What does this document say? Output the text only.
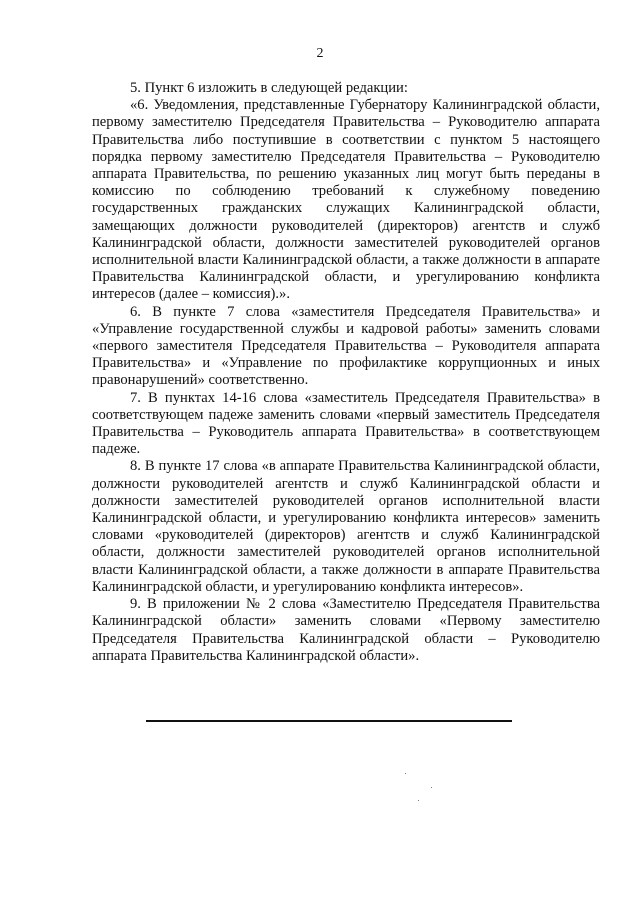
2

5. Пункт 6 изложить в следующей редакции:

«6. Уведомления, представленные Губернатору Калининградской области, первому заместителю Председателя Правительства – Руководителю аппарата Правительства либо поступившие в соответствии с пунктом 5 настоящего порядка первому заместителю Председателя Правительства – Руководителю аппарата Правительства, по решению указанных лиц могут быть переданы в комиссию по соблюдению требований к служебному поведению государственных гражданских служащих Калининградской области, замещающих должности руководителей (директоров) агентств и служб Калининградской области, должности заместителей руководителей органов исполнительной власти Калининградской области, а также должности в аппарате Правительства Калининградской области, и урегулированию конфликта интересов (далее – комиссия).».

6. В пункте 7 слова «заместителя Председателя Правительства» и «Управление государственной службы и кадровой работы» заменить словами «первого заместителя Председателя Правительства – Руководителя аппарата Правительства» и «Управление по профилактике коррупционных и иных правонарушений» соответственно.

7. В пунктах 14-16 слова «заместитель Председателя Правительства» в соответствующем падеже заменить словами «первый заместитель Председателя Правительства – Руководитель аппарата Правительства» в соответствующем падеже.

8. В пункте 17 слова «в аппарате Правительства Калининградской области, должности руководителей агентств и служб Калининградской области и должности заместителей руководителей органов исполнительной власти Калининградской области, и урегулированию конфликта интересов» заменить словами «руководителей (директоров) агентств и служб Калининградской области, должности заместителей руководителей органов исполнительной власти Калининградской области, а также должности в аппарате Правительства Калининградской области, и урегулированию конфликта интересов».

9. В приложении № 2 слова «Заместителю Председателя Правительства Калининградской области» заменить словами «Первому заместителю Председателя Правительства Калининградской области – Руководителю аппарата Правительства Калининградской области».
